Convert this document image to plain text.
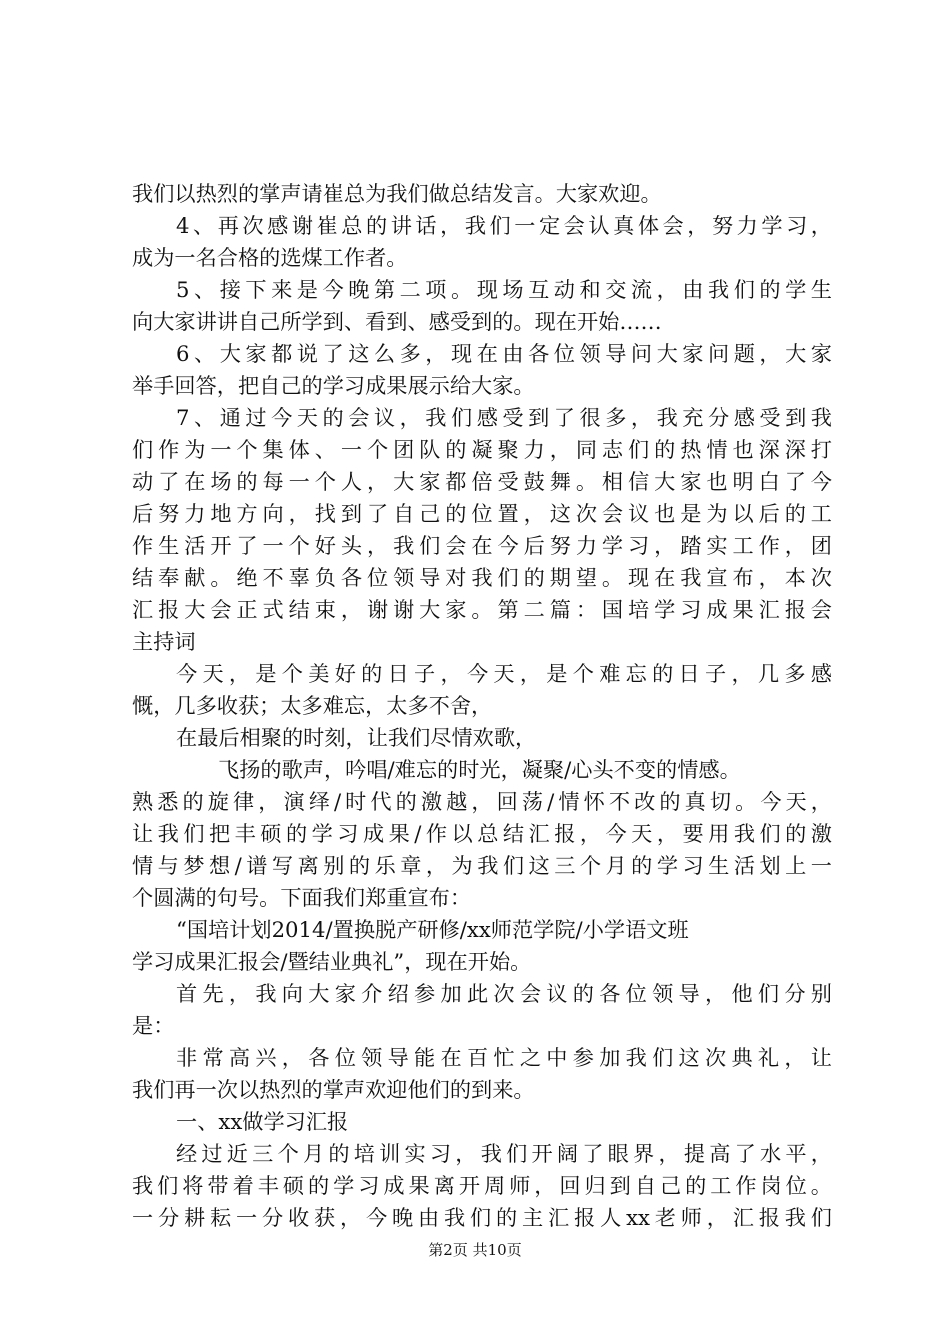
我们以热烈的掌声请崔总为我们做总结发言。大家欢迎。
4、再次感谢崔总的讲话，我们一定会认真体会，努力学习，
成为一名合格的选煤工作者。
5、接下来是今晚第二项。现场互动和交流，由我们的学生
向大家讲讲自己所学到、看到、感受到的。现在开始……
6、大家都说了这么多，现在由各位领导问大家问题，大家
举手回答，把自己的学习成果展示给大家。
7、通过今天的会议，我们感受到了很多，我充分感受到我
们作为一个集体、一个团队的凝聚力，同志们的热情也深深打
动了在场的每一个人，大家都倍受鼓舞。相信大家也明白了今
后努力地方向，找到了自己的位置，这次会议也是为以后的工
作生活开了一个好头，我们会在今后努力学习，踏实工作，团
结奉献。绝不辜负各位领导对我们的期望。现在我宣布，本次
汇报大会正式结束，谢谢大家。第二篇：国培学习成果汇报会
主持词
今天，是个美好的日子，今天，是个难忘的日子，几多感
慨，几多收获；太多难忘，太多不舍，
在最后相聚的时刻，让我们尽情欢歌，
飞扬的歌声，吟唱/难忘的时光，凝聚/心头不变的情感。
熟悉的旋律，演绎/时代的激越，回荡/情怀不改的真切。今天，
让我们把丰硕的学习成果/作以总结汇报，今天，要用我们的激
情与梦想/谱写离别的乐章，为我们这三个月的学习生活划上一
个圆满的句号。下面我们郑重宣布：
“国培计划2014/置换脱产研修/xx师范学院/小学语文班
学习成果汇报会/暨结业典礼”，现在开始。
首先，我向大家介绍参加此次会议的各位领导，他们分别
是：
非常高兴，各位领导能在百忙之中参加我们这次典礼，让
我们再一次以热烈的掌声欢迎他们的到来。
一、xx做学习汇报
经过近三个月的培训实习，我们开阔了眼界，提高了水平，
我们将带着丰硕的学习成果离开周师，回归到自己的工作岗位。
一分耕耘一分收获，今晚由我们的主汇报人xx老师，汇报我们
第2页 共10页
